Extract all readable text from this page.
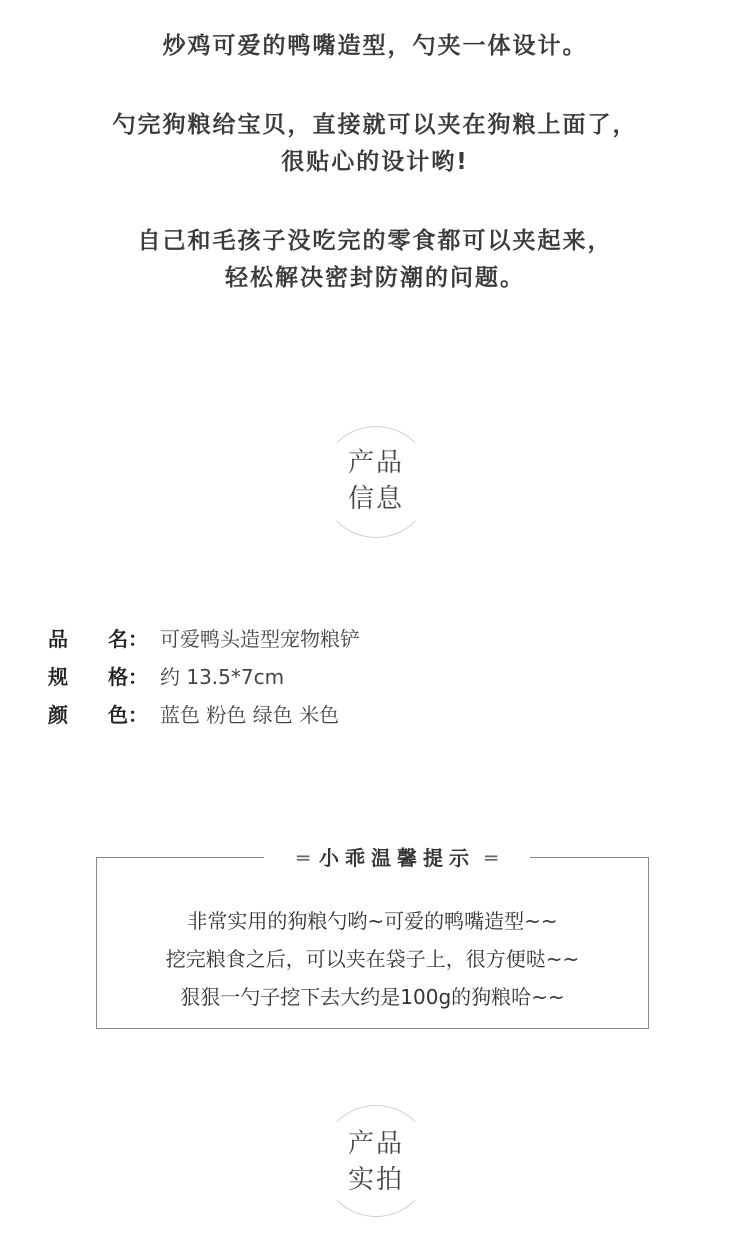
炒鸡可爱的鸭嘴造型，勺夹一体设计。

勺完狗粮给宝贝，直接就可以夹在狗粮上面了，

很贴心的设计哟!

自己和毛孩子没吃完的零食都可以夹起来，

轻松解决密封防潮的问题。

产品
信息
品 名： 可爱鸭头造型宠物粮铲
规 格： 约 13.5*7cm
颜 色： 蓝色 粉色 绿色 米色
═ 小乖温馨提示 ═

非常实用的狗粮勺哟~可爱的鸭嘴造型~~

挖完粮食之后，可以夹在袋子上，很方便哒~~

狠狠一勺子挖下去大约是100g的狗粮哈~~

产品
实拍
